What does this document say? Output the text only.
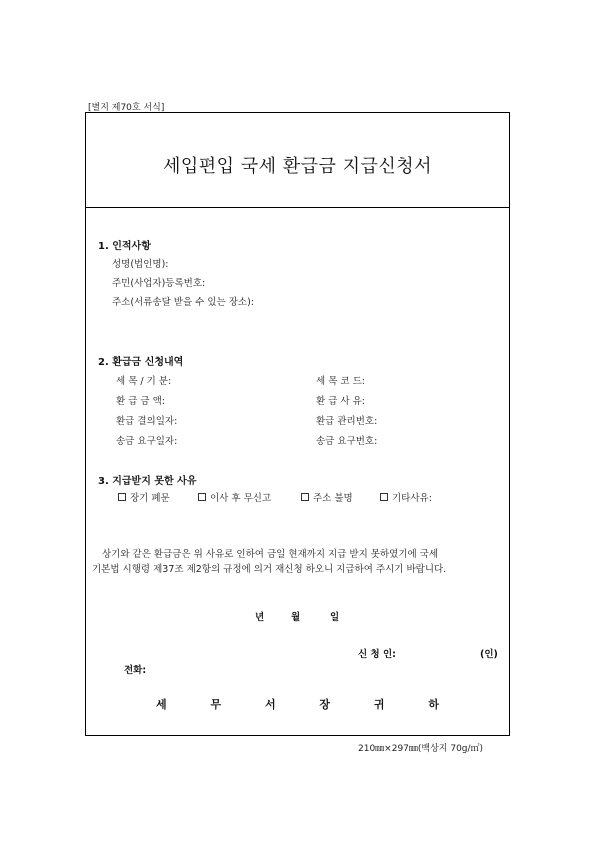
[별지 제70호 서식]
세입편입 국세 환급금 지급신청서
1. 인적사항
성명(법인명):
주민(사업자)등록번호:
주소(서류송달 받을 수 있는 장소):
2. 환급금 신청내역
세 목 / 기 분:	세 목 코 드:
환 급 금 액:	환 급 사 유:
환급 결의일자:	환급 관리번호:
송금 요구일자:	송금 요구번호:
3. 지급받지 못한 사유
장기 폐문	이사 후 무신고	주소 불명	기타사유:

상기와 같은 환급금은 위 사유로 인하여 금일 현재까지 지급 받지 못하였기에 국세

기본법 시행령 제37조 제2항의 규정에 의거 재신청 하오니 지급하여 주시기 바랍니다.

년	월	일
신 청 인:	(인)
전화:
세 무 서 장 귀 하
210㎜×297㎜(백상지 70g/㎡)
